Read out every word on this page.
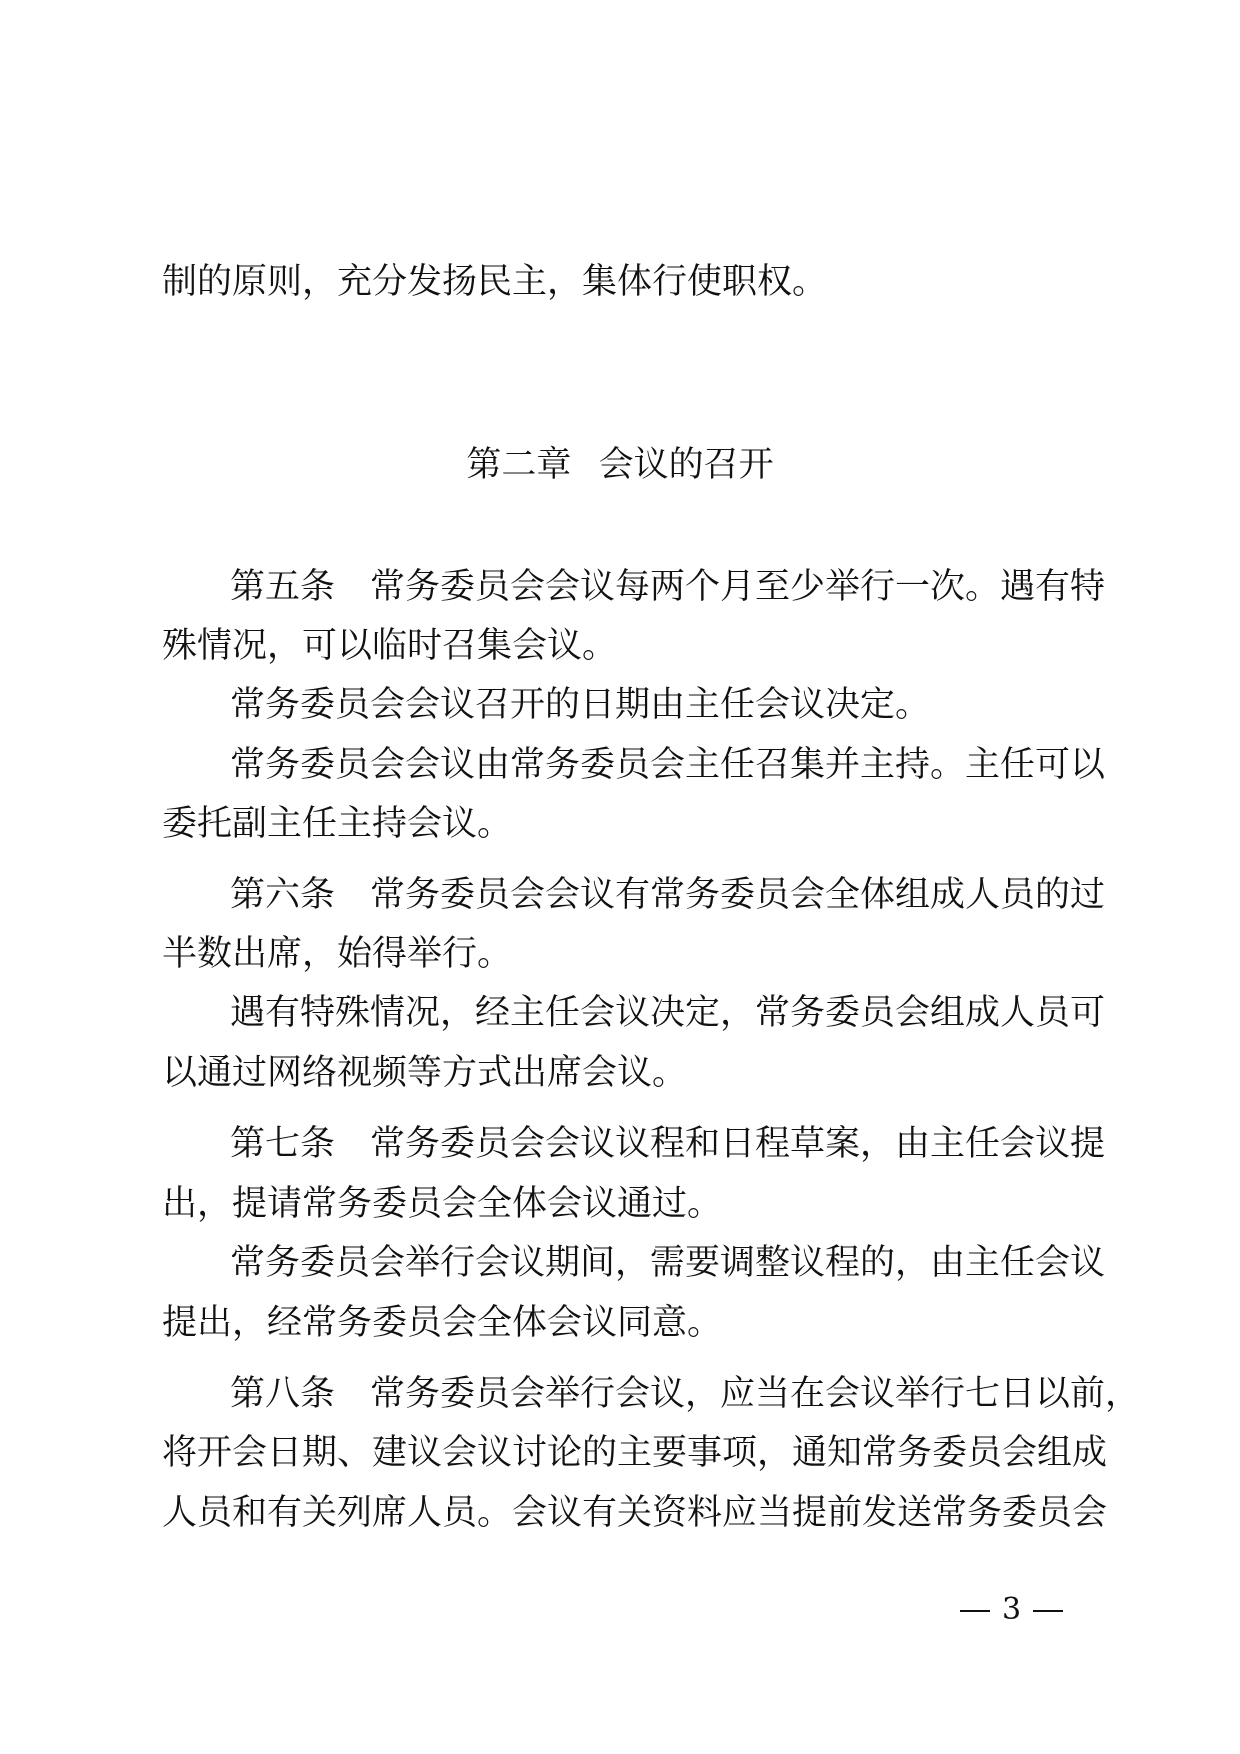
制的原则，充分发扬民主，集体行使职权。
第二章 会议的召开
第五条　常务委员会会议每两个月至少举行一次。遇有特
殊情况，可以临时召集会议。
常务委员会会议召开的日期由主任会议决定。
常务委员会会议由常务委员会主任召集并主持。主任可以
委托副主任主持会议。
第六条　常务委员会会议有常务委员会全体组成人员的过
半数出席，始得举行。
遇有特殊情况，经主任会议决定，常务委员会组成人员可
以通过网络视频等方式出席会议。
第七条　常务委员会会议议程和日程草案，由主任会议提
出，提请常务委员会全体会议通过。
常务委员会举行会议期间，需要调整议程的，由主任会议
提出，经常务委员会全体会议同意。
第八条　常务委员会举行会议，应当在会议举行七日以前，
将开会日期、建议会议讨论的主要事项，通知常务委员会组成
人员和有关列席人员。会议有关资料应当提前发送常务委员会
3
